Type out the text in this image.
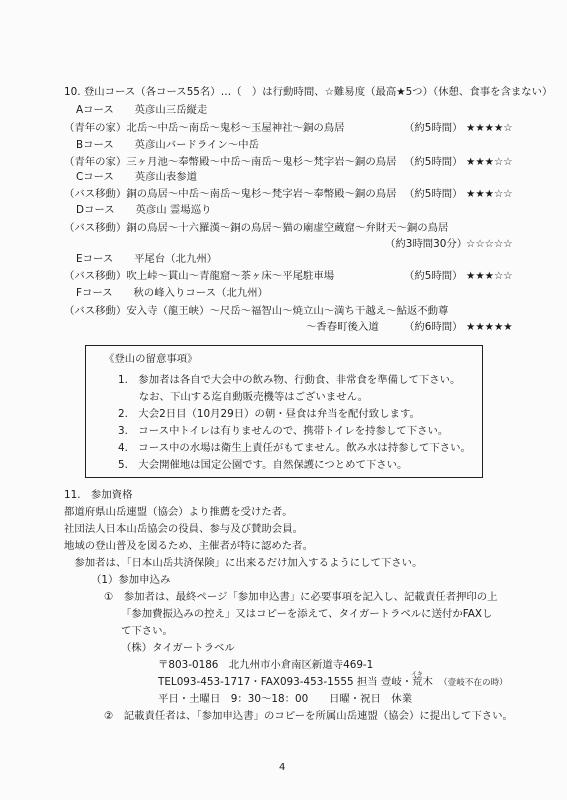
10. 登山コース（各コース55名）…（　）は行動時間、☆難易度（最高★5つ）（休憩、食事を含まない）
Aコース　　英彦山三岳縦走
（青年の家）北岳～中岳～南岳～鬼杉～玉屋神社～銅の鳥居	（約5時間） ★★★★☆
Bコース　　英彦山バードライン～中岳
（青年の家）三ヶ月池～奉幣殿～中岳～南岳～鬼杉～梵字岩～銅の鳥居 （約5時間） ★★★☆☆
Cコース　　英彦山表参道
（バス移動）銅の鳥居～中岳～南岳～鬼杉～梵字岩～奉幣殿～銅の鳥居 （約5時間） ★★★☆☆
Dコース　　英彦山 霊場巡り
（バス移動）銅の鳥居～十六羅漢～銅の鳥居～猫の廟虚空蔵窟～弁財天～銅の鳥居
（約3時間30分）
☆☆☆☆☆
Eコース　　平尾台（北九州）
（バス移動）吹上峠～貫山～青龍窟～茶ヶ床～平尾駐車場	（約5時間） ★★★☆☆
Fコース　　秋の峰入りコース（北九州）
（バス移動）安入寺（龍王峡）～尺岳～福智山～焼立山～満ち干越え～鮎返不動尊
～香春町後入道 （約6時間） ★★★★★
《登山の留意事項》
1.　参加者は各自で大会中の飲み物、行動食、非常食を準備して下さい。
　　なお、下山する迄自動販売機等はございません。
2.　大会2日目（10月29日）の朝・昼食は弁当を配付致します。
3.　コース中トイレは有りませんので、携帯トイレを持参して下さい。
4.　コース中の水場は衛生上責任がもてません。飲み水は持参して下さい。
5.　大会開催地は国定公園です。自然保護につとめて下さい。
11.　参加資格
都道府県山岳連盟（協会）より推薦を受けた者。
社団法人日本山岳協会の役員、参与及び賛助会員。
地域の登山普及を図るため、主催者が特に認めた者。
　参加者は、「日本山岳共済保険」に出来るだけ加入するようにして下さい。
（1）参加申込み
①　参加者は、最終ページ「参加申込書」に必要事項を記入し、記載責任者押印の上
「参加費振込みの控え」又はコピーを添えて、タイガートラベルに送付かFAXし
て下さい。
（株）タイガートラベル
〒803-0186　北九州市小倉南区新道寺469-1
イキ
TEL093-453-1717・FAX093-453-1555 担当 壹岐・荒木 （壹岐不在の時）
平日・土曜日　9：30～18：00　　日曜・祝日　休業
②　記載責任者は、「参加申込書」のコピーを所属山岳連盟（協会）に提出して下さい。
4
